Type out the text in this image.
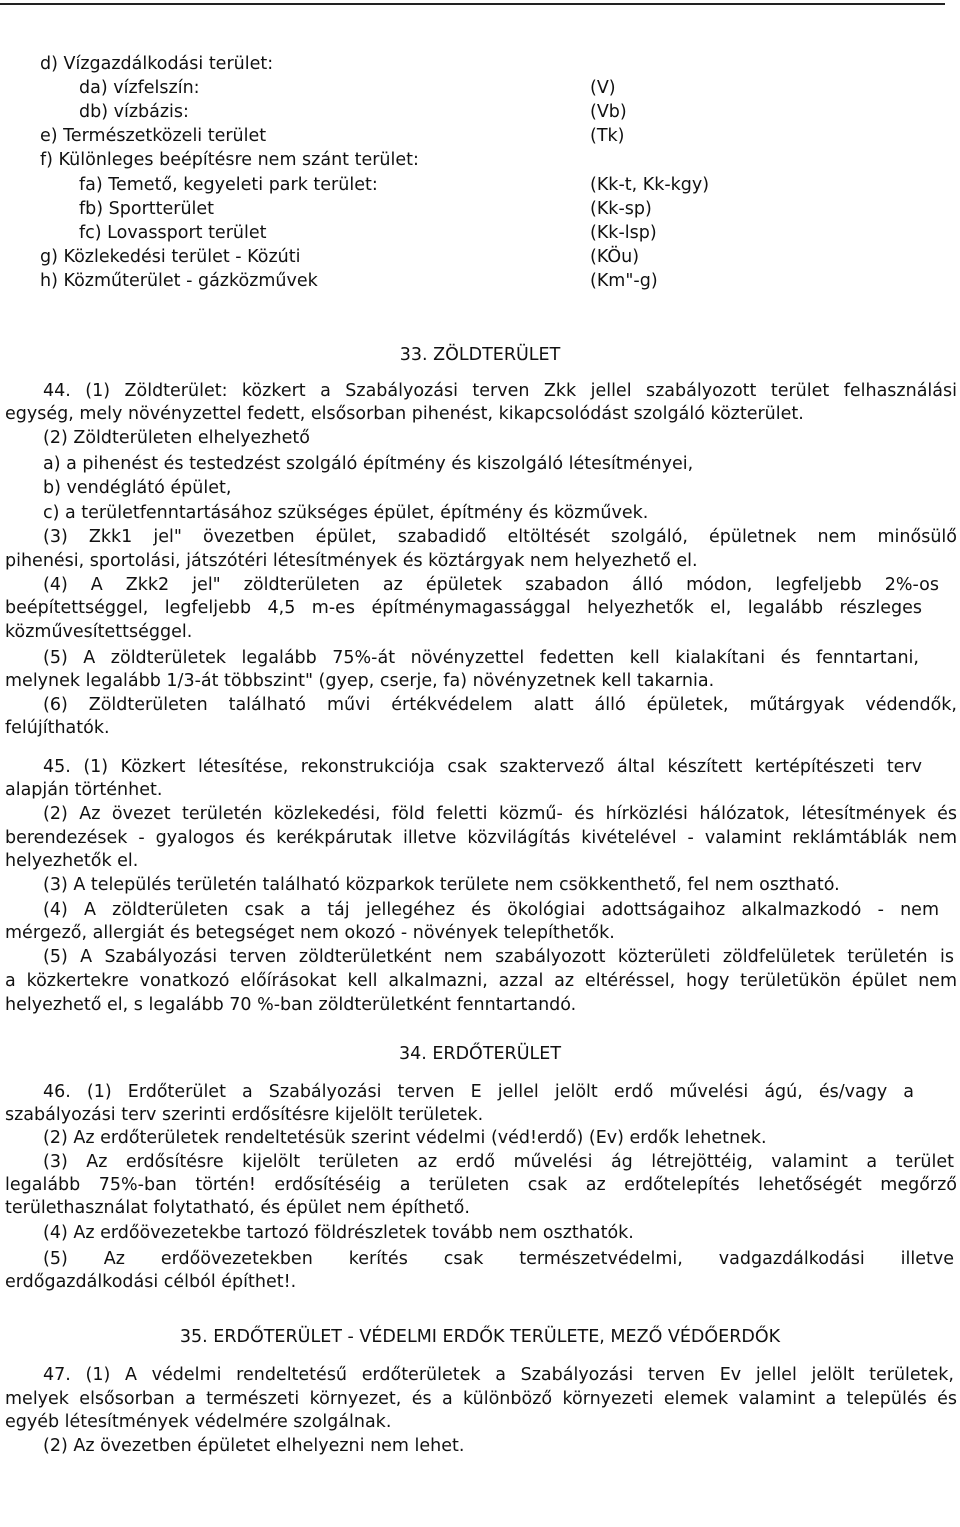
d) Vízgazdálkodási terület:
da) vízfelszín:	(V)
db) vízbázis:	(Vb)
e) Természetközeli terület	(Tk)
f) Különleges beépítésre nem szánt terület:
fa) Temető, kegyeleti park terület:	(Kk-t, Kk-kgy)
fb) Sportterület	(Kk-sp)
fc) Lovassport terület	(Kk-lsp)
g) Közlekedési terület - Közúti	(KÖu)
h) Közműterület - gázközművek	(Km"-g)
33. ZÖLDTERÜLET
44. (1) Zöldterület: közkert a Szabályozási terven Zkk jellel szabályozott terület felhasználási
egység, mely növényzettel fedett, elsősorban pihenést, kikapcsolódást szolgáló közterület.
(2) Zöldterületen elhelyezhető
a) a pihenést és testedzést szolgáló építmény és kiszolgáló létesítményei,
b) vendéglátó épület,
c) a területfenntartásához szükséges épület, építmény és közművek.
(3) Zkk1 jel" övezetben épület, szabadidő eltöltését szolgáló, épületnek nem minősülő
pihenési, sportolási, játszótéri létesítmények és köztárgyak nem helyezhető el.
(4) A Zkk2 jel" zöldterületen az épületek szabadon álló módon, legfeljebb 2%-os
beépítettséggel, legfeljebb 4,5 m-es építménymagassággal helyezhetők el, legalább részleges
közművesítettséggel.
(5) A zöldterületek legalább 75%-át növényzettel fedetten kell kialakítani és fenntartani,
melynek legalább 1/3-át többszint" (gyep, cserje, fa) növényzetnek kell takarnia.
(6) Zöldterületen található művi értékvédelem alatt álló épületek, műtárgyak védendők,
felújíthatók.
45. (1) Közkert létesítése, rekonstrukciója csak szaktervező által készített kertépítészeti terv
alapján történhet.
(2) Az övezet területén közlekedési, föld feletti közmű- és hírközlési hálózatok, létesítmények és
berendezések - gyalogos és kerékpárutak illetve közvilágítás kivételével - valamint reklámtáblák nem
helyezhetők el.
(3) A település területén található közparkok területe nem csökkenthető, fel nem osztható.
(4) A zöldterületen csak a táj jellegéhez és ökológiai adottságaihoz alkalmazkodó - nem
mérgező, allergiát és betegséget nem okozó - növények telepíthetők.
(5) A Szabályozási terven zöldterületként nem szabályozott közterületi zöldfelületek területén is
a közkertekre vonatkozó előírásokat kell alkalmazni, azzal az eltéréssel, hogy területükön épület nem
helyezhető el, s legalább 70 %-ban zöldterületként fenntartandó.
34. ERDŐTERÜLET
46. (1) Erdőterület a Szabályozási terven E jellel jelölt erdő művelési ágú, és/vagy a
szabályozási terv szerinti erdősítésre kijelölt területek.
(2) Az erdőterületek rendeltetésük szerint védelmi (véd!erdő) (Ev) erdők lehetnek.
(3) Az erdősítésre kijelölt területen az erdő művelési ág létrejöttéig, valamint a terület
legalább 75%-ban történ! erdősítéséig a területen csak az erdőtelepítés lehetőségét megőrző
területhasználat folytatható, és épület nem építhető.
(4) Az erdőövezetekbe tartozó földrészletek tovább nem oszthatók.
(5) Az erdőövezetekben kerítés csak természetvédelmi, vadgazdálkodási illetve
erdőgazdálkodási célból építhet!.
35. ERDŐTERÜLET - VÉDELMI ERDŐK TERÜLETE, MEZŐ VÉDŐERDŐK
47. (1) A védelmi rendeltetésű erdőterületek a Szabályozási terven Ev jellel jelölt területek,
melyek elsősorban a természeti környezet, és a különböző környezeti elemek valamint a település és
egyéb létesítmények védelmére szolgálnak.
(2) Az övezetben épületet elhelyezni nem lehet.
